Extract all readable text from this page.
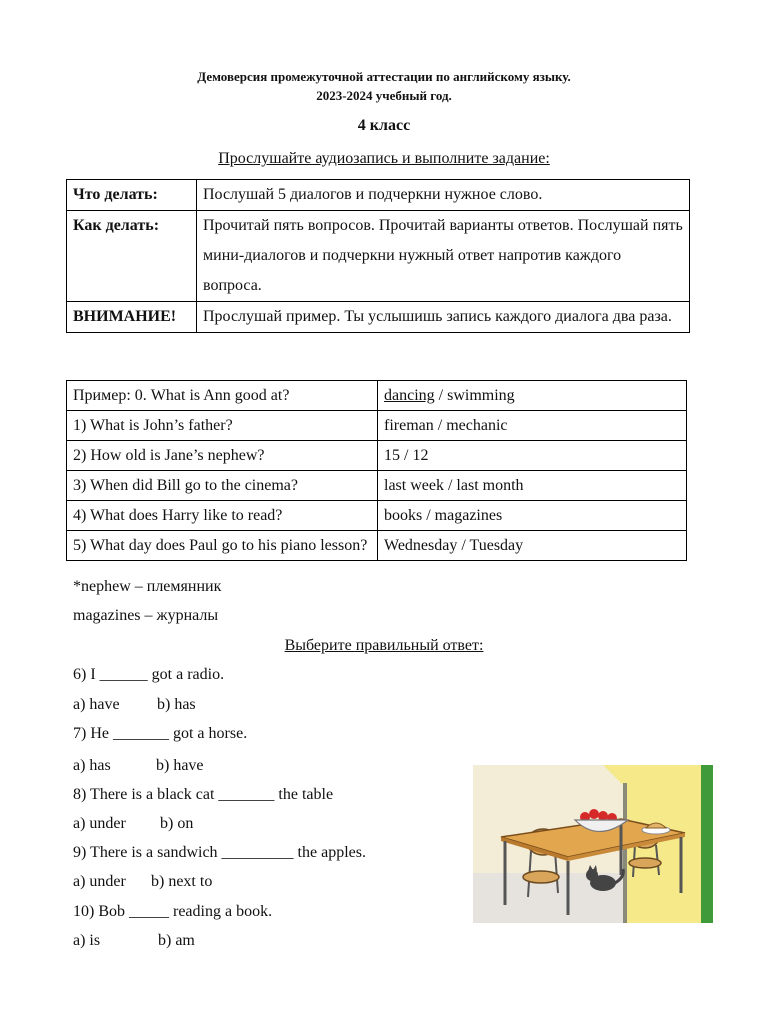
Демоверсия промежуточной аттестации по английскому языку.
2023-2024 учебный год.
4 класс
Прослушайте аудиозапись и выполните задание:
Что делать:	Послушай 5 диалогов и подчеркни нужное слово.
Как делать:	Прочитай пять вопросов. Прочитай варианты ответов. Послушай пять мини-диалогов и подчеркни нужный ответ напротив каждого вопроса.
ВНИМАНИЕ!	Прослушай пример. Ты услышишь запись каждого диалога два раза.
Пример: 0. What is Ann good at?	dancing / swimming
1) What is John’s father?	fireman / mechanic
2) How old is Jane’s nephew?	15 / 12
3) When did Bill go to the cinema?	last week / last month
4) What does Harry like to read?	books / magazines
5) What day does Paul go to his piano lesson?	Wednesday / Tuesday
*nephew – племянник
magazines – журналы
Выберите правильный ответ:
6) I ______ got a radio.
a) have b) has
7) He _______ got a horse.
a) has	b) have
8) There is a black cat _______ the table
a) under b) on
9) There is a sandwich _________ the apples.
a) under b) next to
10) Bob _____ reading a book.
a) is	b) am
